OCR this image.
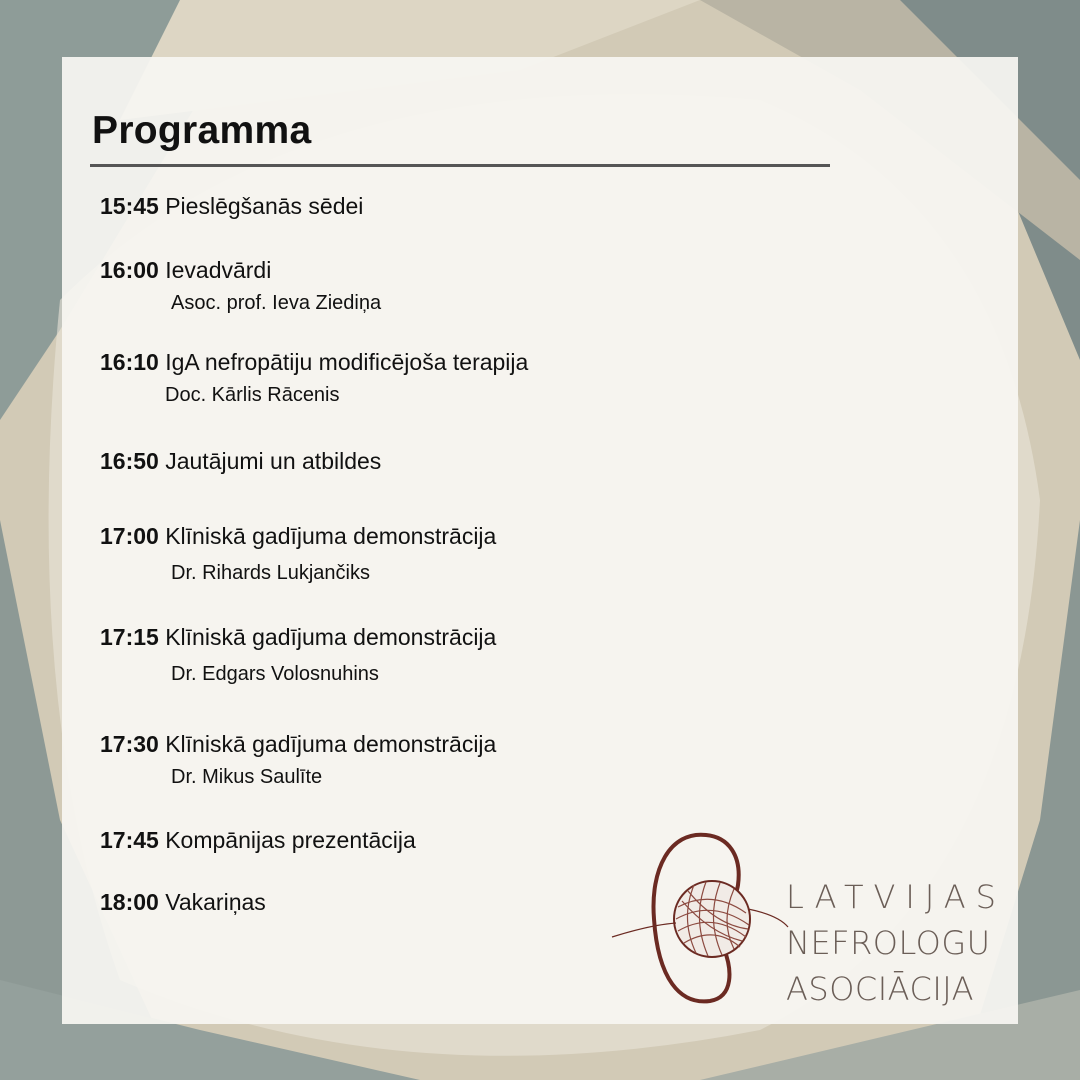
Programma
15:45 Pieslēgšanās sēdei
16:00 Ievadvārdi
Asoc. prof. Ieva Ziediņa
16:10 IgA nefropātiju modificējoša terapija
Doc. Kārlis Rācenis
16:50 Jautājumi un atbildes
17:00 Klīniskā gadījuma demonstrācija
Dr. Rihards Lukjančiks
17:15 Klīniskā gadījuma demonstrācija
Dr. Edgars Volosnuhins
17:30 Klīniskā gadījuma demonstrācija
Dr. Mikus Saulīte
17:45 Kompānijas prezentācija
18:00 Vakariņas	LATVIJAS
NEFROLOGU
ASOCIĀCIJA
